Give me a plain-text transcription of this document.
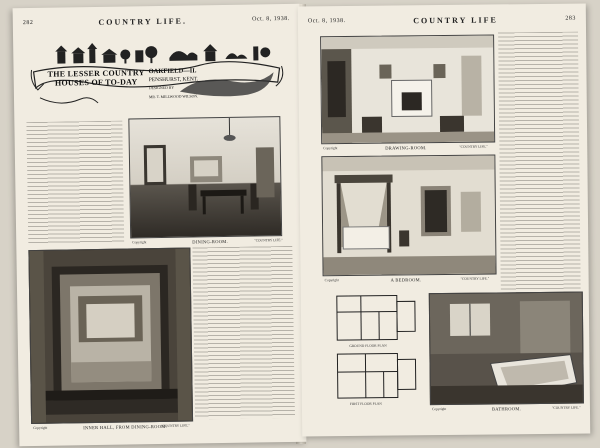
282	COUNTRY LIFE.	Oct. 8, 1938.
THE LESSER COUNTRY HOUSES OF TO-DAY
OAKFIELD—II.
PENSHURST, KENT.
DESIGNED BY
MR. T. MILLWOOD WILSON.
DINING-ROOM.
Copyright	"COUNTRY LIFE."
INNER HALL, FROM DINING-ROOM.
Copyright	"COUNTRY LIFE."
Oct. 8, 1938.	COUNTRY LIFE	283
DRAWING-ROOM.
Copyright	"COUNTRY LIFE."
A BEDROOM.
Copyright	"COUNTRY LIFE."
GROUND FLOOR PLAN
FIRST FLOOR PLAN
BATHROOM.
Copyright	"COUNTRY LIFE."
